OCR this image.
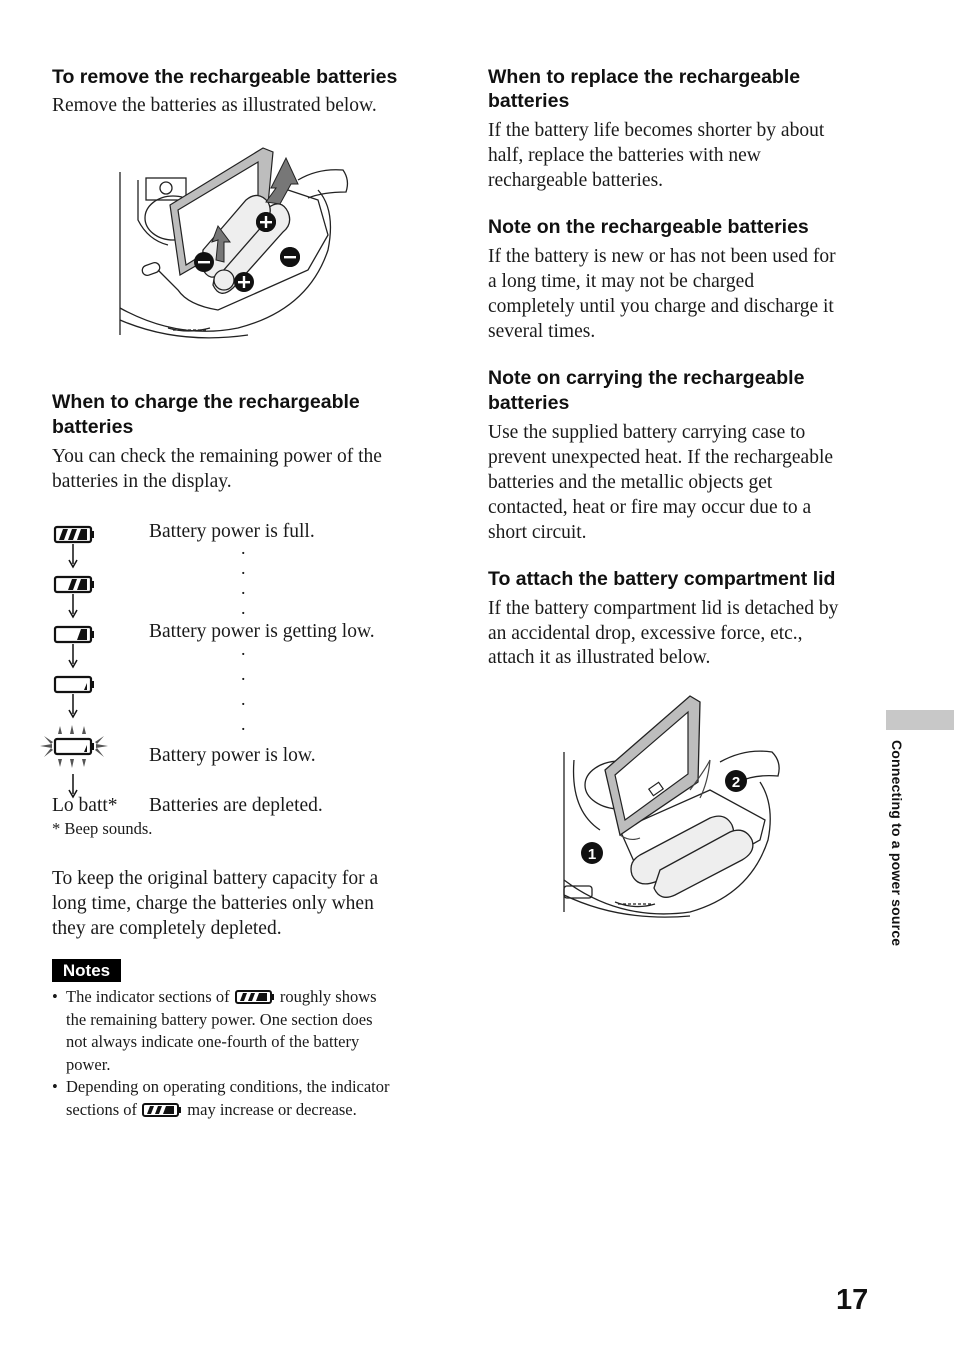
To remove the rechargeable batteries
Remove the batteries as illustrated below.
When to charge the rechargeable
batteries
You can check the remaining power of the
batteries in the display.
Battery power is full.
.
.
.
.
Battery power is getting low.
.
.
.
.
Battery power is low.
Lo batt* Batteries are depleted.
* Beep sounds.
To keep the original battery capacity for a
long time, charge the batteries only when
they are completely depleted.
Notes
• The indicator sections of	roughly shows
the remaining battery power. One section does
not always indicate one-fourth of the battery
power.
• Depending on operating conditions, the indicator
sections of	may increase or decrease.
When to replace the rechargeable
batteries
If the battery life becomes shorter by about
half, replace the batteries with new
rechargeable batteries.
Note on the rechargeable batteries
If the battery is new or has not been used for
a long time, it may not be charged
completely until you charge and discharge it
several times.
Note on carrying the rechargeable
batteries
Use the supplied battery carrying case to
prevent unexpected heat. If the rechargeable
batteries and the metallic objects get
contacted, heat or fire may occur due to a
short circuit.
To attach the battery compartment lid
If the battery compartment lid is detached by
an accidental drop, excessive force, etc.,
attach it as illustrated below.
1
2	Connecting to a power source
17
